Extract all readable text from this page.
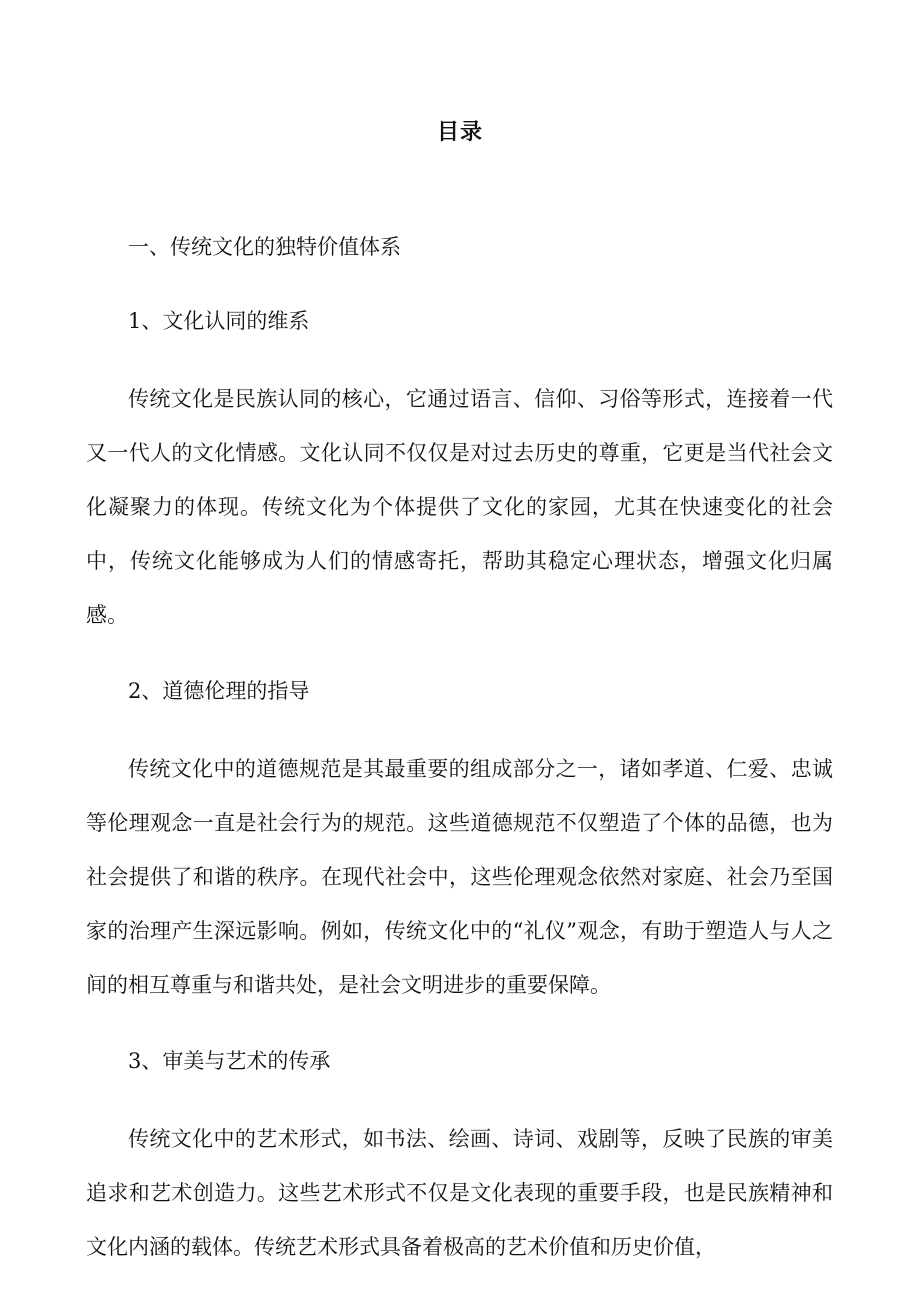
目录

一、传统文化的独特价值体系

1、文化认同的维系

传统文化是民族认同的核心，它通过语言、信仰、习俗等形式，连接着一代又一代人的文化情感。文化认同不仅仅是对过去历史的尊重，它更是当代社会文化凝聚力的体现。传统文化为个体提供了文化的家园，尤其在快速变化的社会中，传统文化能够成为人们的情感寄托，帮助其稳定心理状态，增强文化归属感。

2、道德伦理的指导

传统文化中的道德规范是其最重要的组成部分之一，诸如孝道、仁爱、忠诚等伦理观念一直是社会行为的规范。这些道德规范不仅塑造了个体的品德，也为社会提供了和谐的秩序。在现代社会中，这些伦理观念依然对家庭、社会乃至国家的治理产生深远影响。例如，传统文化中的“礼仪”观念，有助于塑造人与人之间的相互尊重与和谐共处，是社会文明进步的重要保障。

3、审美与艺术的传承

传统文化中的艺术形式，如书法、绘画、诗词、戏剧等，反映了民族的审美追求和艺术创造力。这些艺术形式不仅是文化表现的重要手段，也是民族精神和文化内涵的载体。传统艺术形式具备着极高的艺术价值和历史价值，
